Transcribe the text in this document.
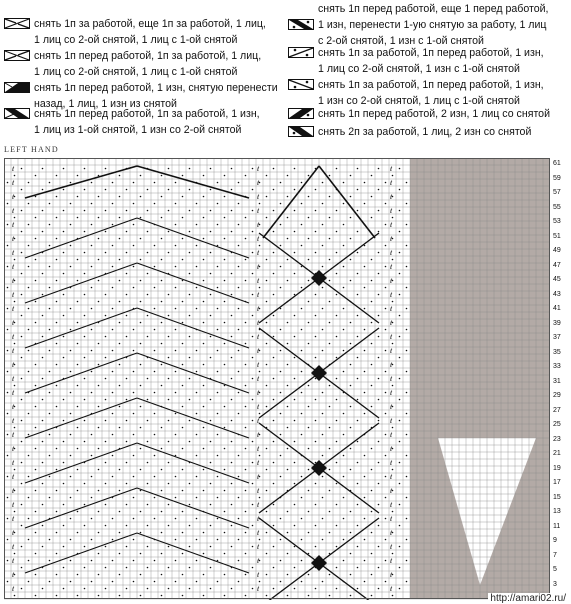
снять 1п за работой, еще 1п за работой, 1 лиц,
1 лиц со 2-ой снятой, 1 лиц с 1-ой снятой
снять 1п перед работой, 1п за работой, 1 лиц,
1 лиц со 2-ой снятой, 1 лиц с 1-ой снятой
снять 1п перед работой, 1 изн, снятую перенести
назад, 1 лиц, 1 изн из снятой
снять 1п перед работой, 1п за работой, 1 изн,
1 лиц из 1-ой снятой, 1 изн со 2-ой снятой
снять 1п перед работой, еще 1 перед работой,
1 изн, перенести 1-ую снятую за работу, 1 лиц
с 2-ой снятой, 1 изн с 1-ой снятой
снять 1п за работой, 1п перед работой, 1 изн,
1 лиц со 2-ой снятой, 1 изн с 1-ой снятой
снять 1п за работой, 1п перед работой, 1 изн,
1 изн со 2-ой снятой, 1 лиц с 1-ой снятой
снять 1п перед работой, 2 изн, 1 лиц со снятой
снять 2п за работой, 1 лиц, 2 изн со снятой
LEFT HAND
ℓ
ℓ
ℓ
ℓ
ℓ
ℓ
ℓ
ℓ
ℓ
ℓ
ℓ
ℓ
ℓ
ℓ
ℓ
ℓ
ℓ
ℓ
ℓ
ℓ
ℓ
ℓ
ℓ
ℓ
ℓ
ℓ
ℓ
ℓ
ℓ
ℓ
ℓ
ℓ
ℓ
ℓ
ℓ
ℓ
ℓ
ℓ
ℓ
ℓ
ℓ
ℓ
ℓ
ℓ
ℓ
ℓ
ℓ
ℓ
ℓ
ℓ
ℓ
ℓ
ℓ
ℓ
ℓ
ℓ
ℓ
ℓ
ℓ
ℓ
ℓ
ℓ
ℓ
ℓ
ℓ
ℓ
ℓ
ℓ
ℓ
ℓ
ℓ
ℓ
ℓ
ℓ
ℓ
ℓ
ℓ
ℓ
ℓ
ℓ
ℓ
ℓ
ℓ
ℓ
ℓ
ℓ
ℓ
ℓ
ℓ
ℓ
ℓ
ℓ
ℓ
61
59
57
55
53
51
49
47
45
43
41
39
37
35
33
31
29
27
25
23
21
19
17
15
13
11
9
7
5
3
http://amari02.ru/
